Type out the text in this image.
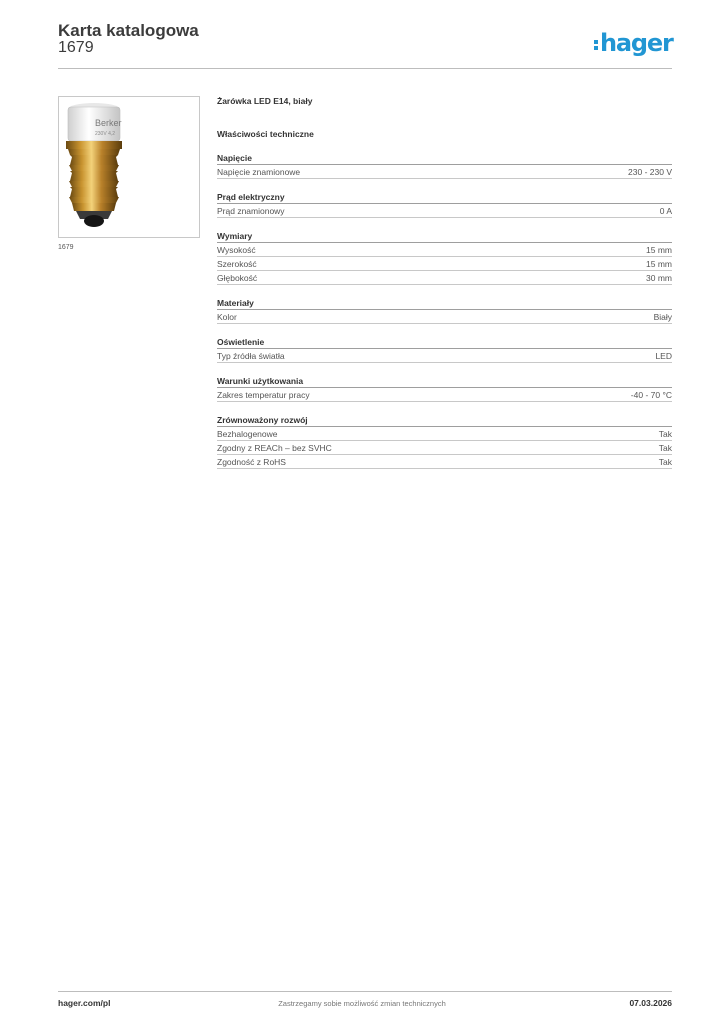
Karta katalogowa
1679	hager
Berker
230V 4,2
1679
Żarówka LED E14, biały
Właściwości techniczne
Napięcie
Napięcie znamionowe	230 - 230 V
Prąd elektryczny
Prąd znamionowy	0 A
Wymiary
Wysokość	15 mm
Szerokość	15 mm
Głębokość	30 mm
Materiały
Kolor	Biały
Oświetlenie
Typ źródła światła	LED
Warunki użytkowania
Zakres temperatur pracy	-40 - 70 °C
Zrównoważony rozwój
Bezhalogenowe	Tak
Zgodny z REACh – bez SVHC	Tak
Zgodność z RoHS	Tak
hager.com/pl	Zastrzegamy sobie możliwość zmian technicznych	07.03.2026
